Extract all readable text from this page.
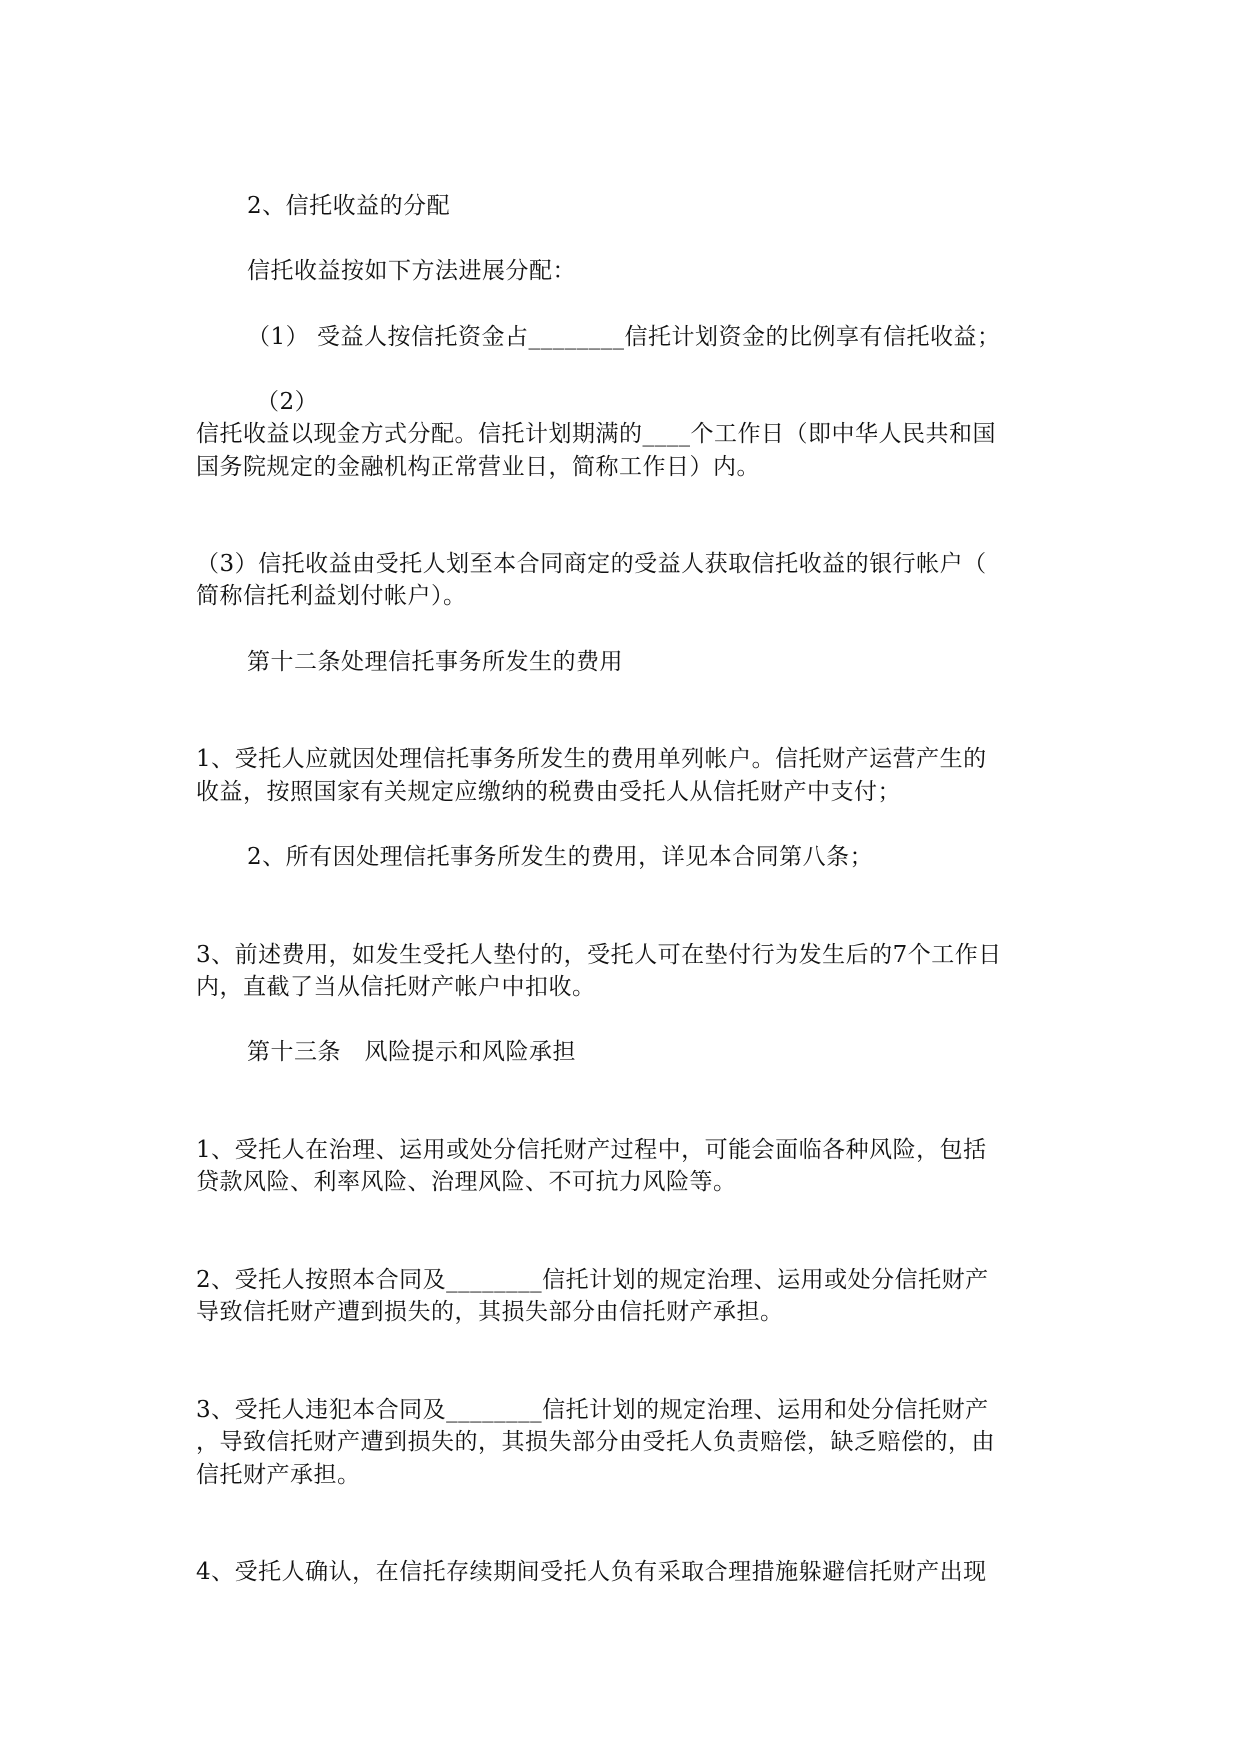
2、信托收益的分配
信托收益按如下方法进展分配：
（1） 受益人按信托资金占________信托计划资金的比例享有信托收益；
（2）
信托收益以现金方式分配。信托计划期满的____个工作日（即中华人民共和国
国务院规定的金融机构正常营业日，简称工作日）内。
（3）信托收益由受托人划至本合同商定的受益人获取信托收益的银行帐户（
简称信托利益划付帐户）。
第十二条处理信托事务所发生的费用
1、受托人应就因处理信托事务所发生的费用单列帐户。信托财产运营产生的
收益，按照国家有关规定应缴纳的税费由受托人从信托财产中支付；
2、所有因处理信托事务所发生的费用，详见本合同第八条；
3、前述费用，如发生受托人垫付的，受托人可在垫付行为发生后的7个工作日
内，直截了当从信托财产帐户中扣收。
第十三条　风险提示和风险承担
1、受托人在治理、运用或处分信托财产过程中，可能会面临各种风险，包括
贷款风险、利率风险、治理风险、不可抗力风险等。
2、受托人按照本合同及________信托计划的规定治理、运用或处分信托财产
导致信托财产遭到损失的，其损失部分由信托财产承担。
3、受托人违犯本合同及________信托计划的规定治理、运用和处分信托财产
，导致信托财产遭到损失的，其损失部分由受托人负责赔偿，缺乏赔偿的，由
信托财产承担。
4、受托人确认，在信托存续期间受托人负有采取合理措施躲避信托财产出现
